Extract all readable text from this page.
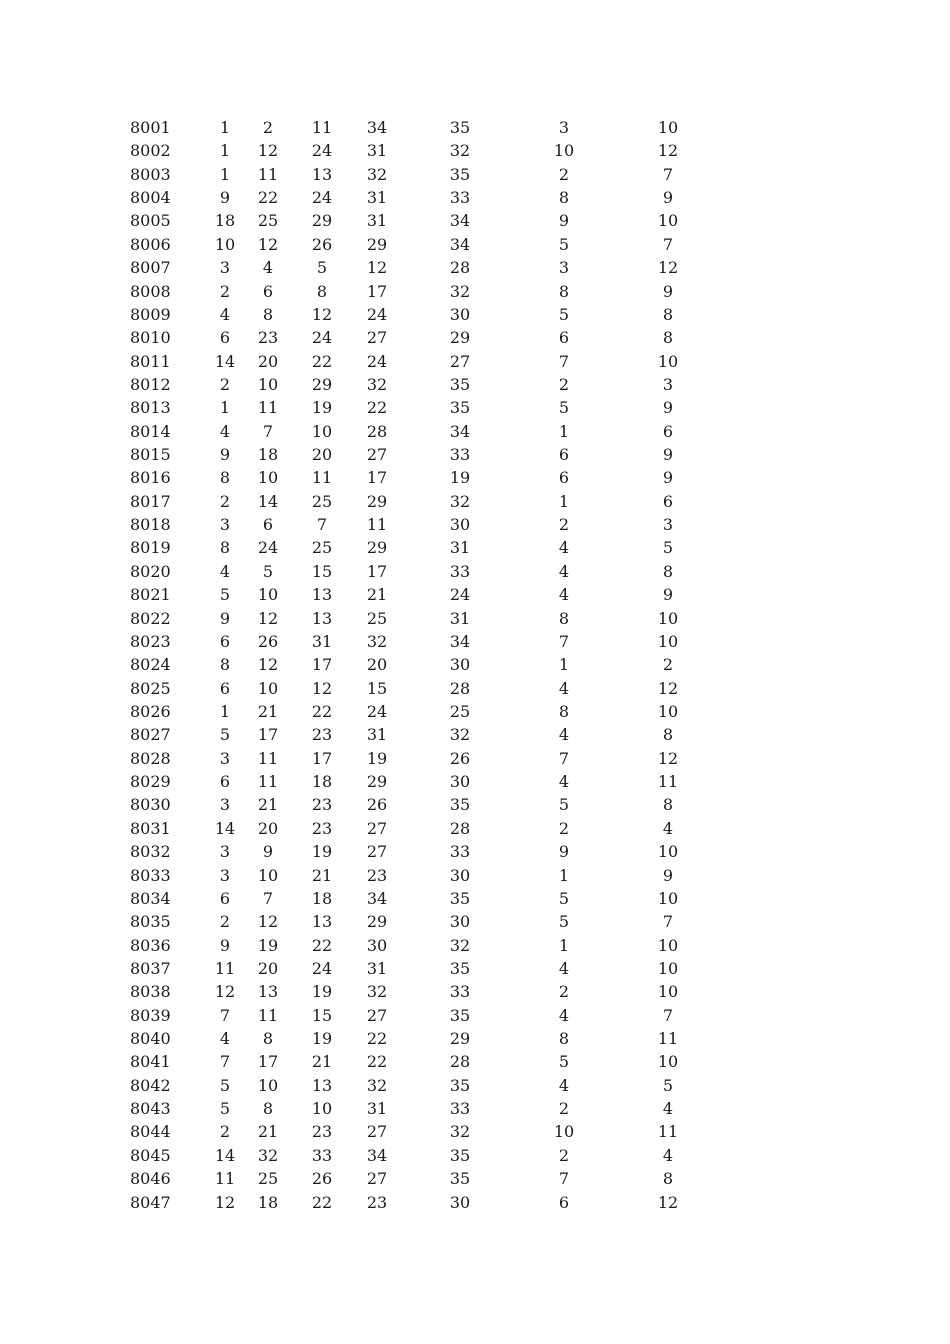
8001	1	2	11	34	35	3	10
8002	1	12	24	31	32	10	12
8003	1	11	13	32	35	2	7
8004	9	22	24	31	33	8	9
8005	18	25	29	31	34	9	10
8006	10	12	26	29	34	5	7
8007	3	4	5	12	28	3	12
8008	2	6	8	17	32	8	9
8009	4	8	12	24	30	5	8
8010	6	23	24	27	29	6	8
8011	14	20	22	24	27	7	10
8012	2	10	29	32	35	2	3
8013	1	11	19	22	35	5	9
8014	4	7	10	28	34	1	6
8015	9	18	20	27	33	6	9
8016	8	10	11	17	19	6	9
8017	2	14	25	29	32	1	6
8018	3	6	7	11	30	2	3
8019	8	24	25	29	31	4	5
8020	4	5	15	17	33	4	8
8021	5	10	13	21	24	4	9
8022	9	12	13	25	31	8	10
8023	6	26	31	32	34	7	10
8024	8	12	17	20	30	1	2
8025	6	10	12	15	28	4	12
8026	1	21	22	24	25	8	10
8027	5	17	23	31	32	4	8
8028	3	11	17	19	26	7	12
8029	6	11	18	29	30	4	11
8030	3	21	23	26	35	5	8
8031	14	20	23	27	28	2	4
8032	3	9	19	27	33	9	10
8033	3	10	21	23	30	1	9
8034	6	7	18	34	35	5	10
8035	2	12	13	29	30	5	7
8036	9	19	22	30	32	1	10
8037	11	20	24	31	35	4	10
8038	12	13	19	32	33	2	10
8039	7	11	15	27	35	4	7
8040	4	8	19	22	29	8	11
8041	7	17	21	22	28	5	10
8042	5	10	13	32	35	4	5
8043	5	8	10	31	33	2	4
8044	2	21	23	27	32	10	11
8045	14	32	33	34	35	2	4
8046	11	25	26	27	35	7	8
8047	12	18	22	23	30	6	12
